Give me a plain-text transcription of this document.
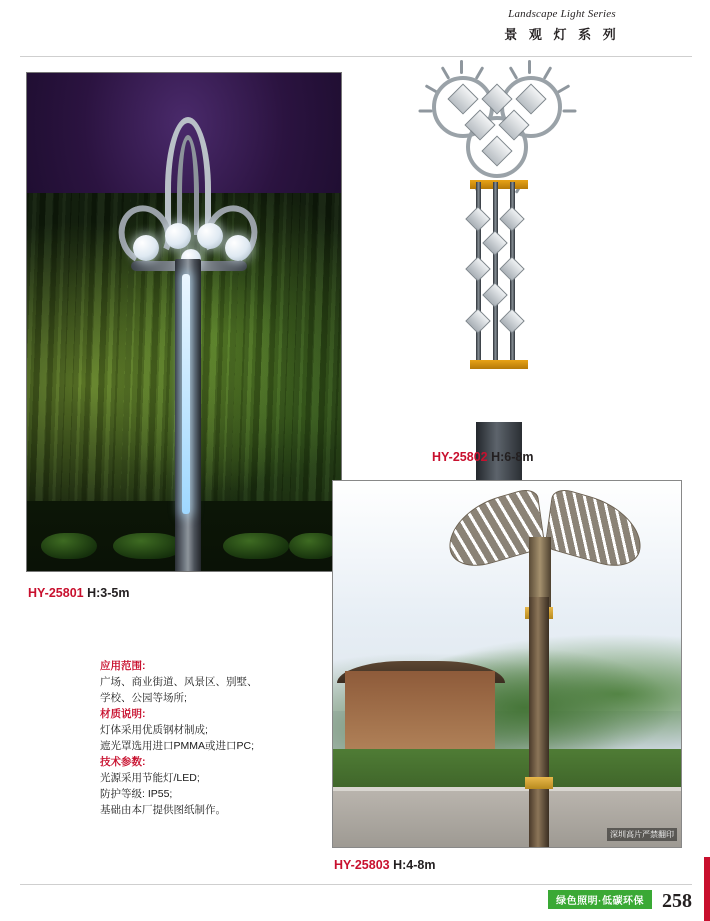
Landscape Light Series
景 观 灯 系 列
HY-25801 H:3-5m

应用范围:

广场、商业街道、风景区、别墅、

学校、公园等场所;

材质说明:

灯体采用优质钢材制成;

遮光罩选用进口PMMA或进口PC;

技术参数:

光源采用节能灯/LED;

防护等级: IP55;

基础由本厂提供图纸制作。

HY-25802 H:6-8m
深圳高片严禁翻印
HY-25803 H:4-8m
绿色照明·低碳环保 258
